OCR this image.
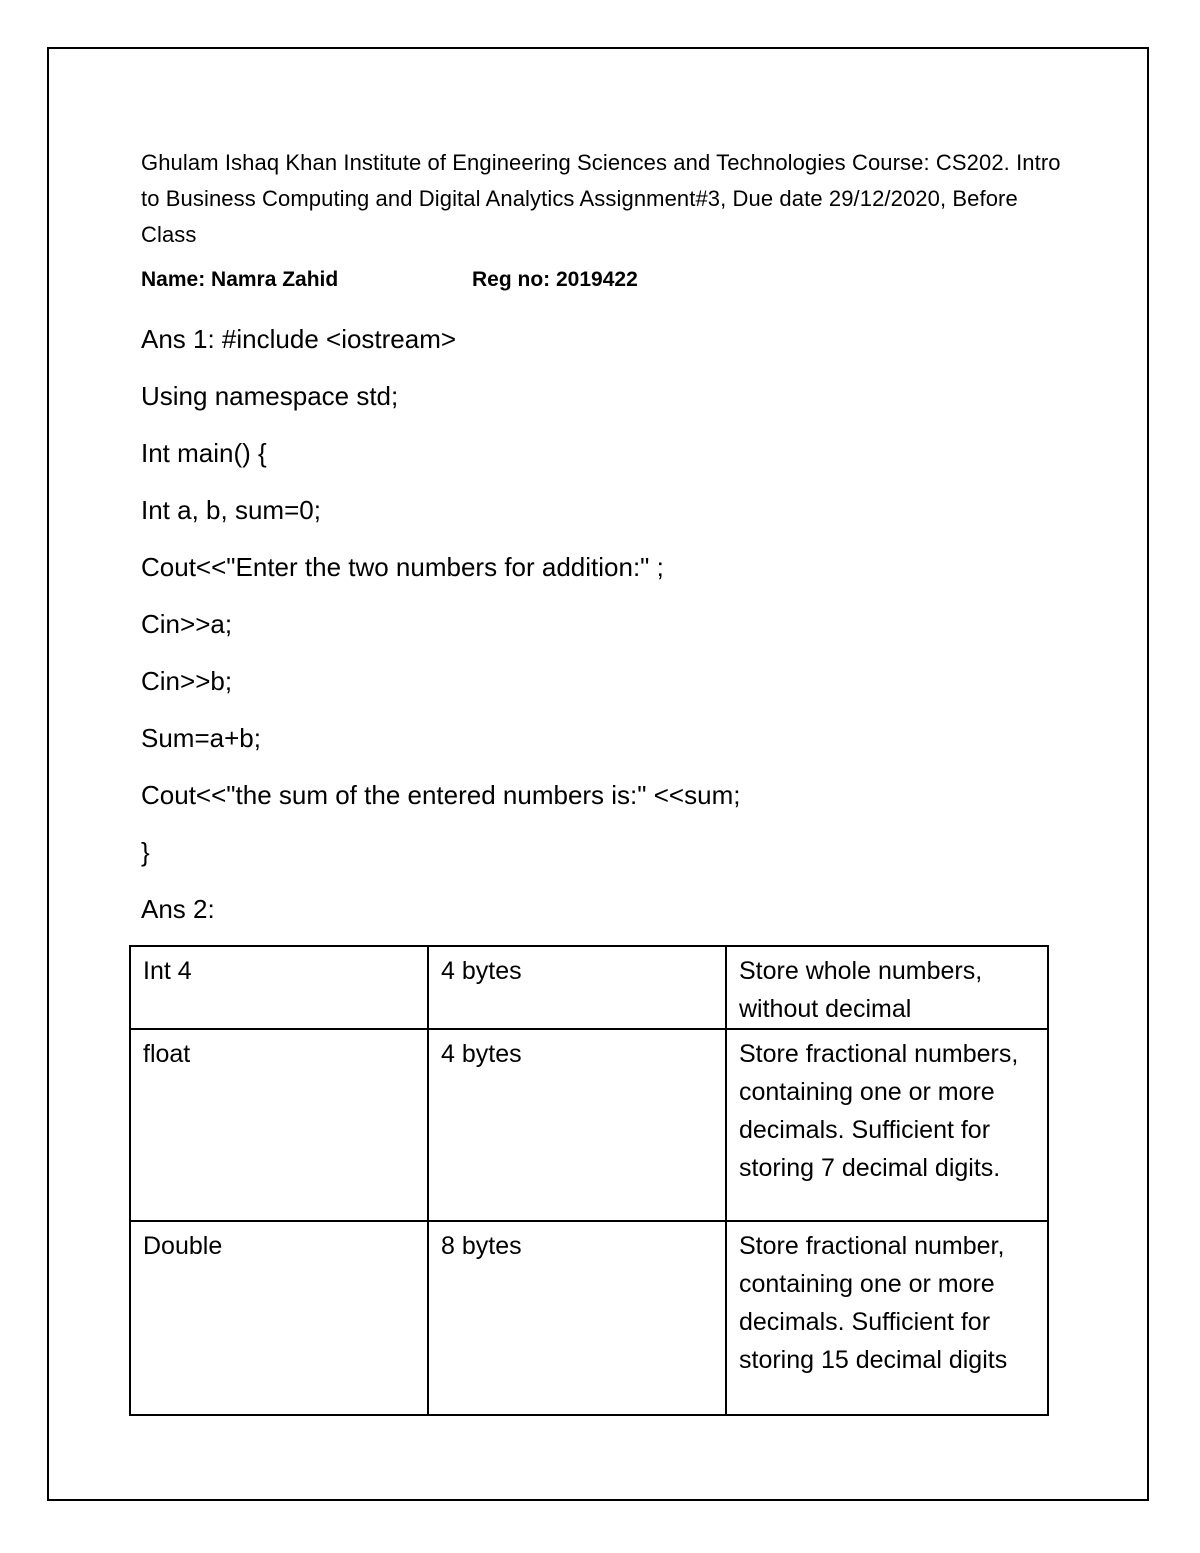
Ghulam Ishaq Khan Institute of Engineering Sciences and Technologies Course: CS202. Intro to Business Computing and Digital Analytics Assignment#3, Due date 29/12/2020, Before Class
Name: Namra Zahid	Reg no: 2019422
Ans 1: #include <iostream>
Using namespace std;
Int main() {
Int a, b, sum=0;
Cout<<"Enter the two numbers for addition:" ;
Cin>>a;
Cin>>b;
Sum=a+b;
Cout<<"the sum of the entered numbers is:" <<sum;
}
Ans 2:
Int 4	4 bytes	Store whole numbers, without decimal
float	4 bytes	Store fractional numbers, containing one or more decimals. Sufficient for storing 7 decimal digits.
Double	8 bytes	Store fractional number, containing one or more decimals. Sufficient for storing 15 decimal digits
